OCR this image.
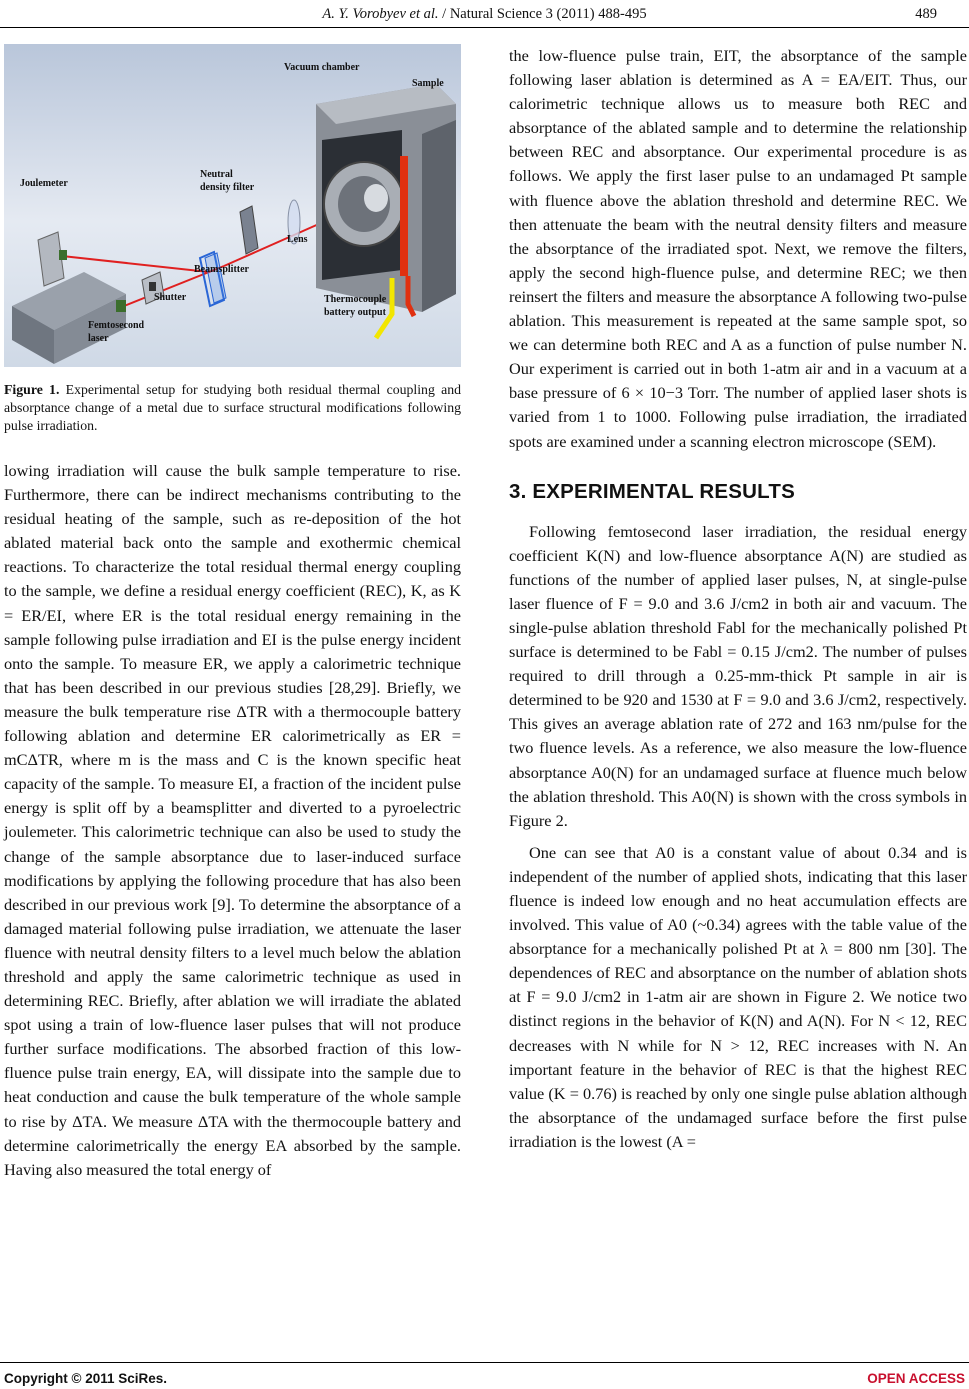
A. Y. Vorobyev et al. / Natural Science 3 (2011) 488-495	489
Vacuum chamber
Sample
Joulemeter
Neutral
density filter
Lens
Beamsplitter
Shutter	Thermocouple
battery output
Femtosecond
laser
Figure 1. Experimental setup for studying both residual thermal coupling and absorptance change of a metal due to surface structural modifications following pulse irradiation.

lowing irradiation will cause the bulk sample temperature to rise. Furthermore, there can be indirect mechanisms contributing to the residual heating of the sample, such as re-deposition of the hot ablated material back onto the sample and exothermic chemical reactions. To characterize the total residual thermal energy coupling to the sample, we define a residual energy coefficient (REC), K, as K = ER/EI, where ER is the total residual energy remaining in the sample following pulse irradiation and EI is the pulse energy incident onto the sample. To measure ER, we apply a calorimetric technique that has been described in our previous studies [28,29]. Briefly, we measure the bulk temperature rise ΔTR with a thermocouple battery following ablation and determine ER calorimetrically as ER = mCΔTR, where m is the mass and C is the known specific heat capacity of the sample. To measure EI, a fraction of the incident pulse energy is split off by a beamsplitter and diverted to a pyroelectric joulemeter. This calorimetric technique can also be used to study the change of the sample absorptance due to laser-induced surface modifications by applying the following procedure that has also been described in our previous work [9]. To determine the absorptance of a damaged material following pulse irradiation, we attenuate the laser fluence with neutral density filters to a level much below the ablation threshold and apply the same calorimetric technique as used in determining REC. Briefly, after ablation we will irradiate the ablated spot using a train of low-fluence laser pulses that will not produce further surface modifications. The absorbed fraction of this low-fluence pulse train energy, EA, will dissipate into the sample due to heat conduction and cause the bulk temperature of the whole sample to rise by ΔTA. We measure ΔTA with the thermocouple battery and determine calorimetrically the energy EA absorbed by the sample. Having also measured the total energy of

the low-fluence pulse train, EIT, the absorptance of the sample following laser ablation is determined as A = EA/EIT. Thus, our calorimetric technique allows us to measure both REC and absorptance of the ablated sample and to determine the relationship between REC and absorptance. Our experimental procedure is as follows. We apply the first laser pulse to an undamaged Pt sample with fluence above the ablation threshold and determine REC. We then attenuate the beam with the neutral density filters and measure the absorptance of the irradiated spot. Next, we remove the filters, apply the second high-fluence pulse, and determine REC; we then reinsert the filters and measure the absorptance A following two-pulse ablation. This measurement is repeated at the same sample spot, so we can determine both REC and A as a function of pulse number N. Our experiment is carried out in both 1-atm air and in a vacuum at a base pressure of 6 × 10−3 Torr. The number of applied laser shots is varied from 1 to 1000. Following pulse irradiation, the irradiated spots are examined under a scanning electron microscope (SEM).

3. EXPERIMENTAL RESULTS

Following femtosecond laser irradiation, the residual energy coefficient K(N) and low-fluence absorptance A(N) are studied as functions of the number of applied laser pulses, N, at single-pulse laser fluence of F = 9.0 and 3.6 J/cm2 in both air and vacuum. The single-pulse ablation threshold Fabl for the mechanically polished Pt surface is determined to be Fabl = 0.15 J/cm2. The number of pulses required to drill through a 0.25-mm-thick Pt sample in air is determined to be 920 and 1530 at F = 9.0 and 3.6 J/cm2, respectively. This gives an average ablation rate of 272 and 163 nm/pulse for the two fluence levels. As a reference, we also measure the low-fluence absorptance A0(N) for an undamaged surface at fluence much below the ablation threshold. This A0(N) is shown with the cross symbols in Figure 2.

One can see that A0 is a constant value of about 0.34 and is independent of the number of applied shots, indicating that this laser fluence is indeed low enough and no heat accumulation effects are involved. This value of A0 (~0.34) agrees with the table value of the absorptance for a mechanically polished Pt at λ = 800 nm [30]. The dependences of REC and absorptance on the number of ablation shots at F = 9.0 J/cm2 in 1-atm air are shown in Figure 2. We notice two distinct regions in the behavior of K(N) and A(N). For N < 12, REC decreases with N while for N > 12, REC increases with N. An important feature in the behavior of REC is that the highest REC value (K = 0.76) is reached by only one single pulse ablation although the absorptance of the undamaged surface before the first pulse irradiation is the lowest (A =

Copyright © 2011 SciRes.	OPEN ACCESS
